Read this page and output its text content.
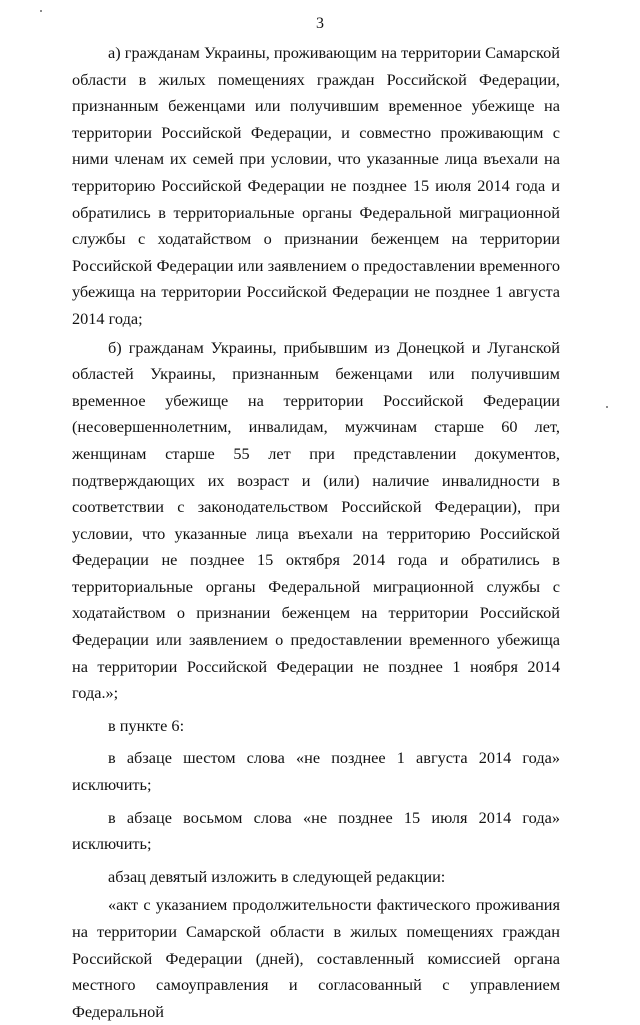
3

а) гражданам Украины, проживающим на территории Самарской области в жилых помещениях граждан Российской Федерации, признанным беженцами или получившим временное убежище на территории Российской Федерации, и совместно проживающим с ними членам их семей при условии, что указанные лица въехали на территорию Российской Федерации не позднее 15 июля 2014 года и обратились в территориальные органы Федеральной миграционной службы с ходатайством о признании беженцем на территории Российской Федерации или заявлением о предоставлении временного убежища на территории Российской Федерации не позднее 1 августа 2014 года;

б) гражданам Украины, прибывшим из Донецкой и Луганской областей Украины, признанным беженцами или получившим временное убежище на территории Российской Федерации (несовершеннолетним, инвалидам, мужчинам старше 60 лет, женщинам старше 55 лет при представлении документов, подтверждающих их возраст и (или) наличие инвалидности в соответствии с законодательством Российской Федерации), при условии, что указанные лица въехали на территорию Российской Федерации не позднее 15 октября 2014 года и обратились в территориальные органы Федеральной миграционной службы с ходатайством о признании беженцем на территории Российской Федерации или заявлением о предоставлении временного убежища на территории Российской Федерации не позднее 1 ноября 2014 года.»;

в пункте 6:

в абзаце шестом слова «не позднее 1 августа 2014 года» исключить;

в абзаце восьмом слова «не позднее 15 июля 2014 года» исключить;

абзац девятый изложить в следующей редакции:

«акт с указанием продолжительности фактического проживания на территории Самарской области в жилых помещениях граждан Российской Федерации (дней), составленный комиссией органа местного самоуправления и согласованный с управлением Федеральной
